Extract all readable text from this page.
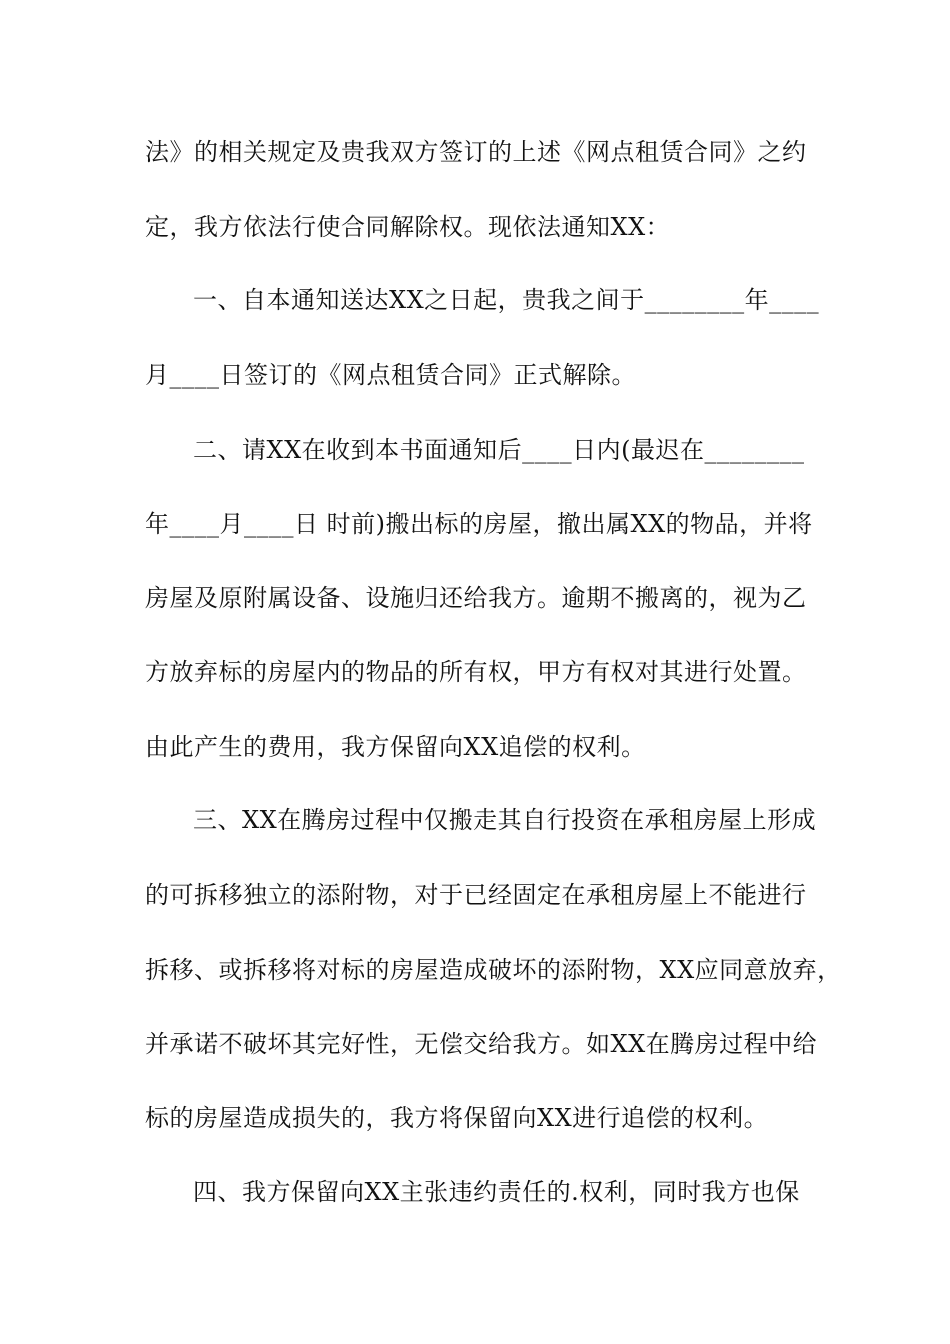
法》的相关规定及贵我双方签订的上述《网点租赁合同》之约
定，我方依法行使合同解除权。现依法通知XX：
一、自本通知送达XX之日起，贵我之间于________年____
月____日签订的《网点租赁合同》正式解除。
二、请XX在收到本书面通知后____日内(最迟在________
年____月____日 时前)搬出标的房屋，撤出属XX的物品，并将
房屋及原附属设备、设施归还给我方。逾期不搬离的，视为乙
方放弃标的房屋内的物品的所有权，甲方有权对其进行处置。
由此产生的费用，我方保留向XX追偿的权利。
三、XX在腾房过程中仅搬走其自行投资在承租房屋上形成
的可拆移独立的添附物，对于已经固定在承租房屋上不能进行
拆移、或拆移将对标的房屋造成破坏的添附物，XX应同意放弃，
并承诺不破坏其完好性，无偿交给我方。如XX在腾房过程中给
标的房屋造成损失的，我方将保留向XX进行追偿的权利。
四、我方保留向XX主张违约责任的.权利，同时我方也保
